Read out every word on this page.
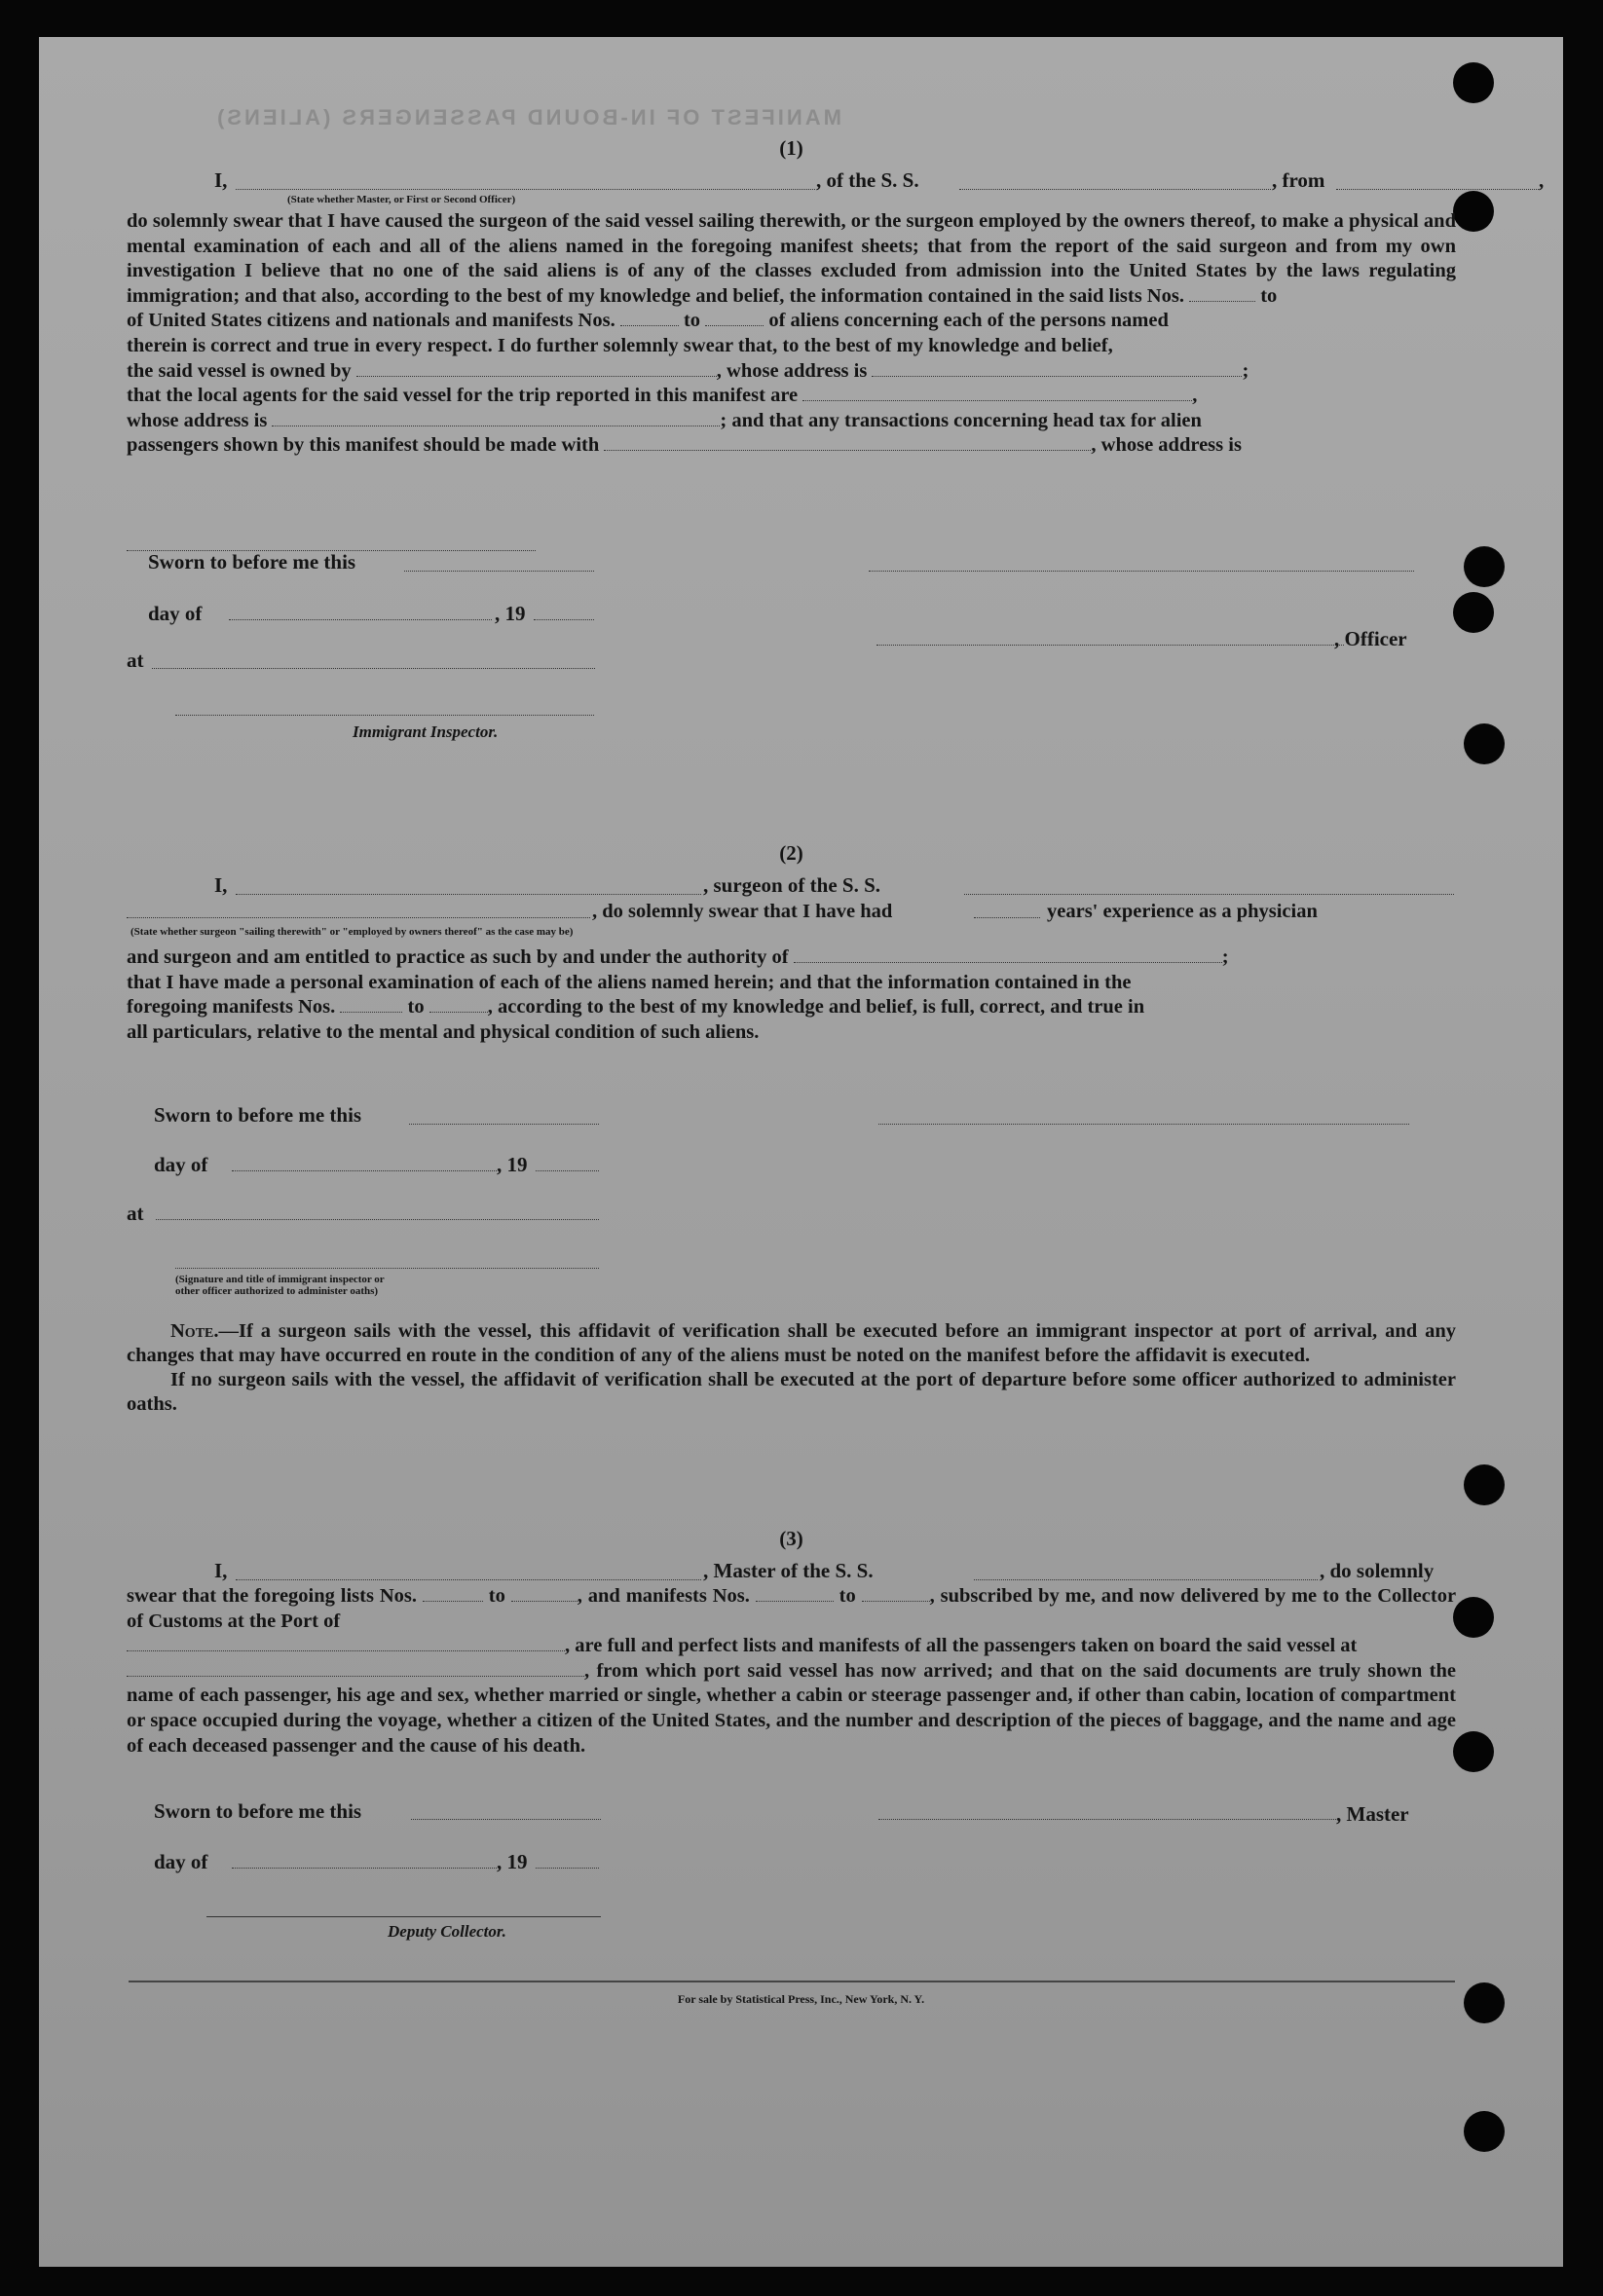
MANIFEST OF IN-BOUND PASSENGERS (ALIENS)
(1)
I,	, of the S. S.	, from	,
(State whether Master, or First or Second Officer)

do solemnly swear that I have caused the surgeon of the said vessel sailing therewith, or the surgeon employed by the owners thereof, to make a physical and mental examination of each and all of the aliens named in the foregoing manifest sheets; that from the report of the said surgeon and from my own investigation I believe that no one of the said aliens is of any of the classes excluded from admission into the United States by the laws regulating immigration; and that also, according to the best of my knowledge and belief, the information contained in the said lists Nos.	to
of United States citizens and nationals and manifests Nos.	to	of aliens concerning each of the persons named
therein is correct and true in every respect. I do further solemnly swear that, to the best of my knowledge and belief,
the said vessel is owned by	, whose address is	;
that the local agents for the said vessel for the trip reported in this manifest are	,
whose address is	; and that any transactions concerning head tax for alien
passengers shown by this manifest should be made with	, whose address is

Sworn to before me this
day of	, 19
, Officer
at
Immigrant Inspector.
(2)
I,	, surgeon of the S. S.
, do solemnly swear that I have had	years' experience as a physician
(State whether surgeon "sailing therewith" or "employed by owners thereof" as the case may be)

and surgeon and am entitled to practice as such by and under the authority of	;
that I have made a personal examination of each of the aliens named herein; and that the information contained in the
foregoing manifests Nos.	to	, according to the best of my knowledge and belief, is full, correct, and true in
all particulars, relative to the mental and physical condition of such aliens.

Sworn to before me this
day of	, 19
at
(Signature and title of immigrant inspector or
other officer authorized to administer oaths)

Note.—If a surgeon sails with the vessel, this affidavit of verification shall be executed before an immigrant inspector at port of arrival, and any changes that may have occurred en route in the condition of any of the aliens must be noted on the manifest before the affidavit is executed.

If no surgeon sails with the vessel, the affidavit of verification shall be executed at the port of departure before some officer authorized to administer oaths.

(3)
I,	, Master of the S. S.	, do solemnly

swear that the foregoing lists Nos.	to	, and manifests Nos.	to	, subscribed by me, and now delivered by me to the Collector of Customs at the Port of
, are full and perfect lists and manifests of all the passengers taken on board the said vessel at
, from which port said vessel has now arrived; and that on the said documents are truly shown the name of each passenger, his age and sex, whether married or single, whether a cabin or steerage passenger and, if other than cabin, location of compartment or space occupied during the voyage, whether a citizen of the United States, and the number and description of the pieces of baggage, and the name and age of each deceased passenger and the cause of his death.

Sworn to before me this	, Master
day of	, 19
Deputy Collector.
For sale by Statistical Press, Inc., New York, N. Y.
